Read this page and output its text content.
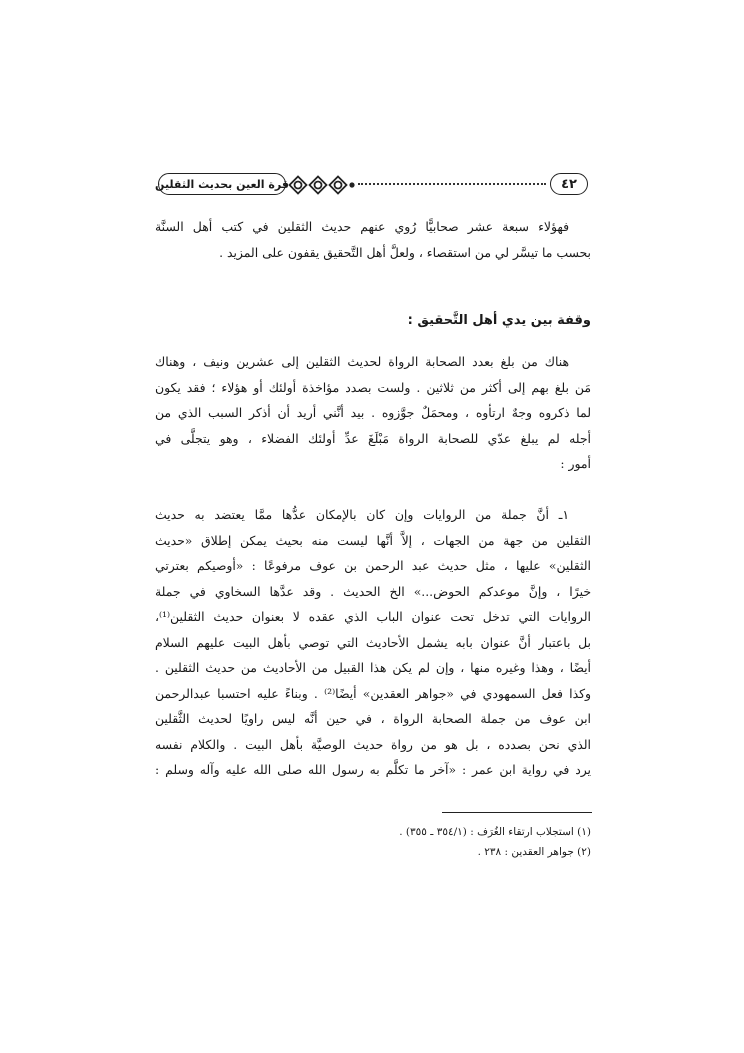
قرة العين بحديث الثقلين	٤٢
فهؤلاء سبعة عشر صحابيًّا رُوي عنهم حديث الثقلين في كتب أهل السنَّة
بحسب ما تيسَّر لي من استقصاء ، ولعلَّ أهل التَّحقيق يقفون على المزيد .
وقفة بين يدي أهل التَّحقيق :
هناك من بلغ بعدد الصحابة الرواة لحديث الثقلين إلى عشرين ونيف ، وهناك
مَن بلغ بهم إلى أكثر من ثلاثين . ولست بصدد مؤاخذة أولئك أو هؤلاء ؛ فقد يكون
لما ذكروه وجهٌ ارتأوه ، ومحمَلٌ جوَّزوه . بيد أنَّني أريد أن أذكر السبب الذي من
أجله لم يبلغ عدّي للصحابة الرواة مَبْلَغَ عدِّ أولئك الفضلاء ، وهو يتجلَّى في
أمور :
١ـ أنَّ جملة من الروايات وإن كان بالإمكان عدُّها ممَّا يعتضد به حديث
الثقلين من جهة من الجهات ، إلاَّ أنَّها ليست منه بحيث يمكن إطلاق «حديث
الثقلين» عليها ، مثل حديث عبد الرحمن بن عوف مرفوعًا : «أوصيكم بعترتي
خيرًا ، وإنَّ موعدكم الحوض...» الخ الحديث . وقد عدَّها السخاوي في جملة
الروايات التي تدخل تحت عنوان الباب الذي عقده لا بعنوان حديث الثقلين⁽¹⁾،
بل باعتبار أنَّ عنوان بابه يشمل الأحاديث التي توصي بأهل البيت عليهم السلام
أيضًا ، وهذا وغيره منها ، وإن لم يكن هذا القبيل من الأحاديث من حديث الثقلين .
وكذا فعل السمهودي في «جواهر العقدين» أيضًا⁽²⁾ . وبناءً عليه احتسبا عبدالرحمن
ابن عوف من جملة الصحابة الرواة ، في حين أنَّه ليس راويًا لحديث الثَّقلين
الذي نحن بصدده ، بل هو من رواة حديث الوصيَّة بأهل البيت . والكلام نفسه
يرد في رواية ابن عمر : «آخر ما تكلَّم به رسول الله صلى الله عليه وآله وسلم :
(١) استجلاب ارتقاء الغُرَف : (٣٥٤/١ ـ ٣٥٥) .
(٢) جواهر العقدين : ٢٣٨ .
